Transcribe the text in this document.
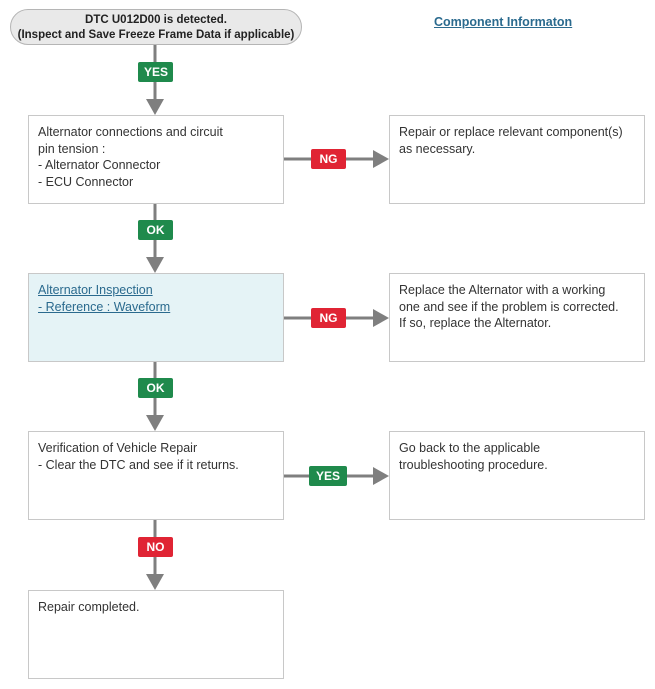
DTC U012D00 is detected.
(Inspect and Save Freeze Frame Data if applicable)
Component Informaton
YES
Alternator connections and circuit
pin tension :
- Alternator Connector
- ECU Connector
NG
Repair or replace relevant component(s)
as necessary.
OK
Alternator Inspection
- Reference : Waveform
NG
Replace the Alternator with a working
one and see if the problem is corrected.
If so, replace the Alternator.
OK
Verification of Vehicle Repair
- Clear the DTC and see if it returns.
YES
Go back to the applicable
troubleshooting procedure.
NO
Repair completed.
